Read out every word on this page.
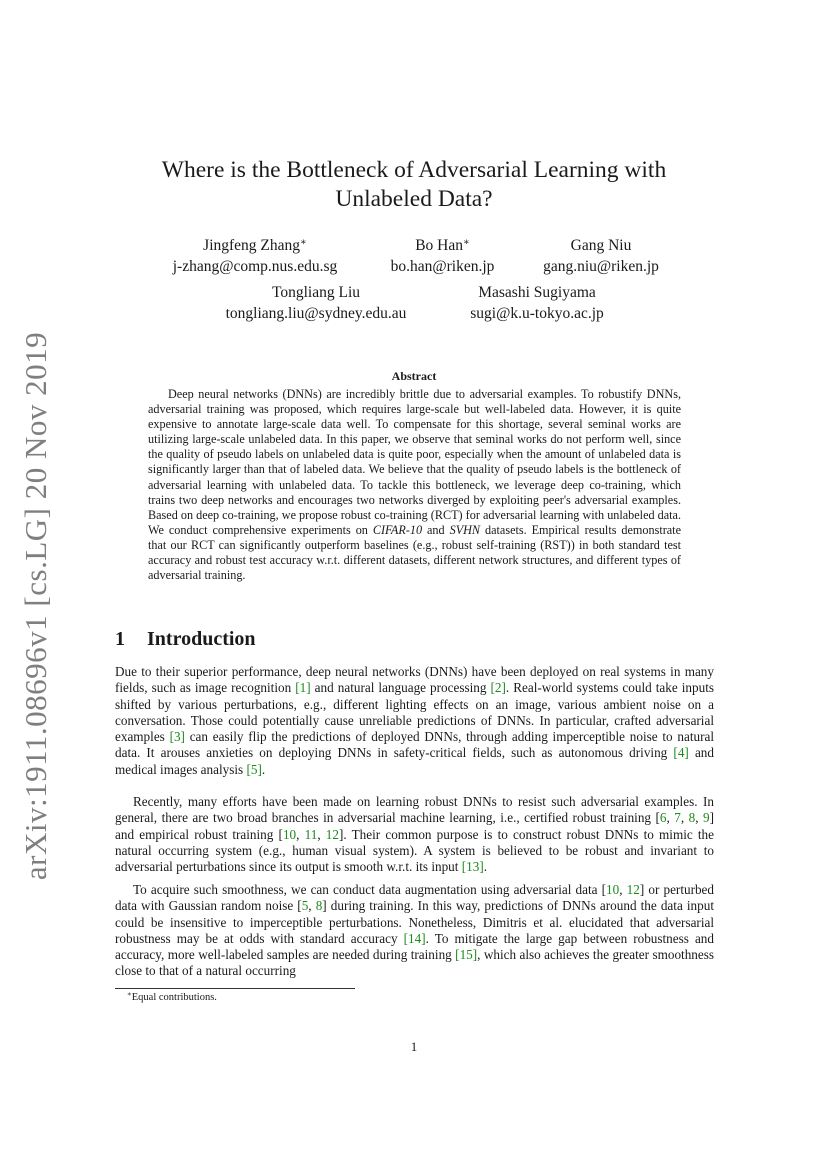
arXiv:1911.08696v1 [cs.LG] 20 Nov 2019
Where is the Bottleneck of Adversarial Learning with
Unlabeled Data?
Jingfeng Zhang∗
j-zhang@comp.nus.edu.sg
Bo Han∗
bo.han@riken.jp
Gang Niu
gang.niu@riken.jp
Tongliang Liu
tongliang.liu@sydney.edu.au
Masashi Sugiyama
sugi@k.u-tokyo.ac.jp
Abstract

Deep neural networks (DNNs) are incredibly brittle due to adversarial examples. To robustify DNNs, adversarial training was proposed, which requires large-scale but well-labeled data. However, it is quite expensive to annotate large-scale data well. To compensate for this shortage, several seminal works are utilizing large-scale unlabeled data. In this paper, we observe that seminal works do not perform well, since the quality of pseudo labels on unlabeled data is quite poor, especially when the amount of unlabeled data is significantly larger than that of labeled data. We believe that the quality of pseudo labels is the bottleneck of adversarial learning with unlabeled data. To tackle this bottleneck, we leverage deep co-training, which trains two deep networks and encourages two networks diverged by exploiting peer's adversarial examples. Based on deep co-training, we propose robust co-training (RCT) for adversarial learning with unlabeled data. We conduct comprehensive experiments on CIFAR-10 and SVHN datasets. Empirical results demonstrate that our RCT can significantly outperform baselines (e.g., robust self-training (RST)) in both standard test accuracy and robust test accuracy w.r.t. different datasets, different network structures, and different types of adversarial training.

1 Introduction

Due to their superior performance, deep neural networks (DNNs) have been deployed on real systems in many fields, such as image recognition [1] and natural language processing [2]. Real-world systems could take inputs shifted by various perturbations, e.g., different lighting effects on an image, various ambient noise on a conversation. Those could potentially cause unreliable predictions of DNNs. In particular, crafted adversarial examples [3] can easily flip the predictions of deployed DNNs, through adding imperceptible noise to natural data. It arouses anxieties on deploying DNNs in safety-critical fields, such as autonomous driving [4] and medical images analysis [5].

Recently, many efforts have been made on learning robust DNNs to resist such adversarial examples. In general, there are two broad branches in adversarial machine learning, i.e., certified robust training [6, 7, 8, 9] and empirical robust training [10, 11, 12]. Their common purpose is to construct robust DNNs to mimic the natural occurring system (e.g., human visual system). A system is believed to be robust and invariant to adversarial perturbations since its output is smooth w.r.t. its input [13].

To acquire such smoothness, we can conduct data augmentation using adversarial data [10, 12] or perturbed data with Gaussian random noise [5, 8] during training. In this way, predictions of DNNs around the data input could be insensitive to imperceptible perturbations. Nonetheless, Dimitris et al. elucidated that adversarial robustness may be at odds with standard accuracy [14]. To mitigate the large gap between robustness and accuracy, more well-labeled samples are needed during training [15], which also achieves the greater smoothness close to that of a natural occurring

∗Equal contributions.
1
